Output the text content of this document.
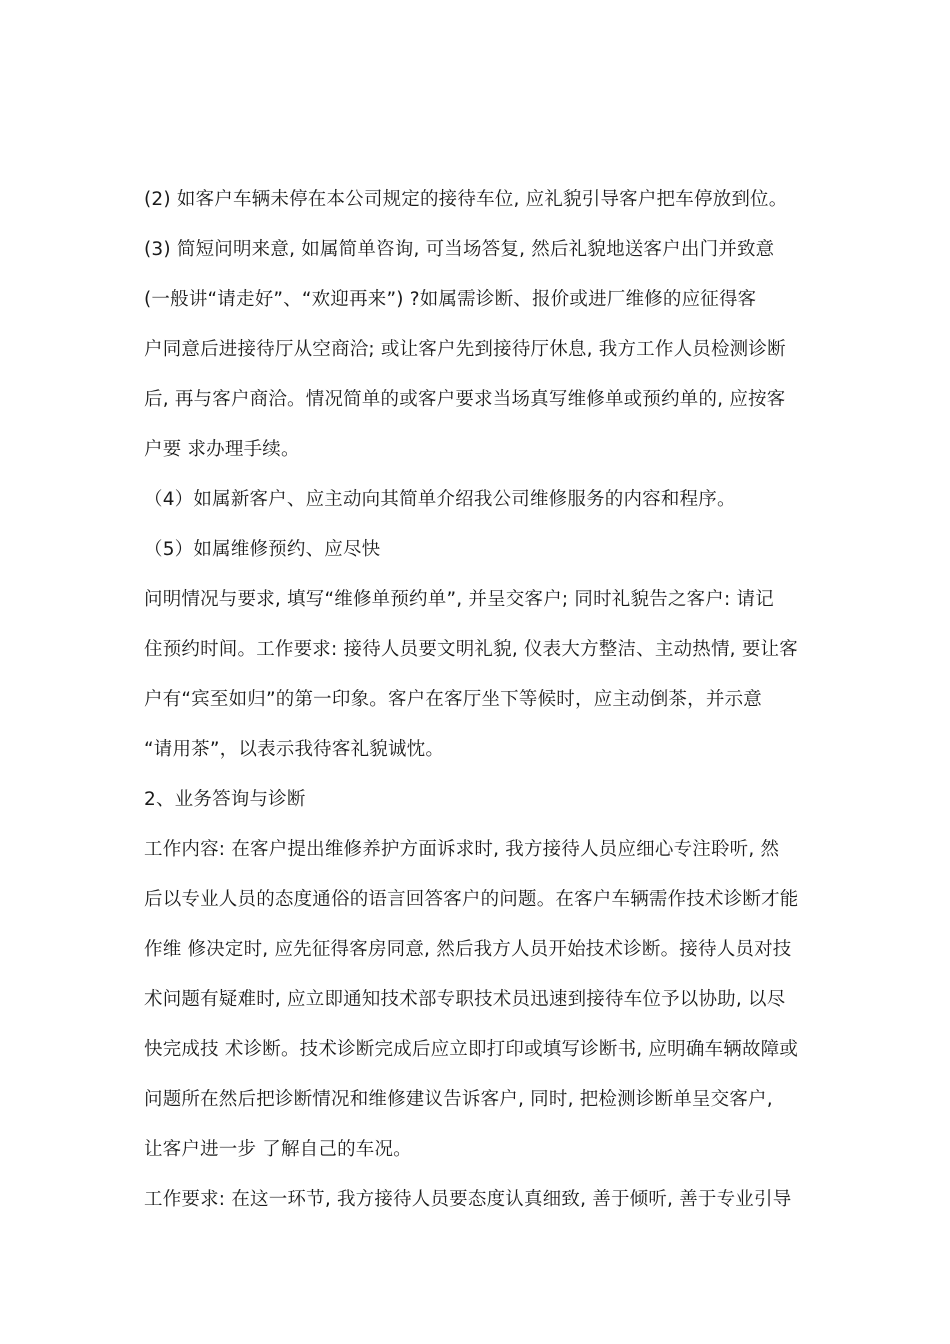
(2) 如客户车辆未停在本公司规定的接待车位, 应礼貌引导客户把车停放到位。
(3) 简短问明来意, 如属简单咨询, 可当场答复, 然后礼貌地送客户出门并致意
(一般讲“请走好”、“欢迎再来”) ?如属需诊断、报价或进厂维修的应征得客
户同意后进接待厅从空商洽; 或让客户先到接待厅休息, 我方工作人员检测诊断
后, 再与客户商洽。情况简单的或客户要求当场真写维修单或预约单的, 应按客
户要 求办理手续。
（4）如属新客户、应主动向其简单介绍我公司维修服务的内容和程序。
（5）如属维修预约、应尽快
问明情况与要求, 填写“维修单预约单”, 并呈交客户; 同时礼貌告之客户: 请记
住预约时间。工作要求: 接待人员要文明礼貌, 仪表大方整洁、主动热情, 要让客
户有“宾至如归”的第一印象。客户在客厅坐下等候时，应主动倒茶，并示意
“请用茶”，以表示我待客礼貌诚忱。
2、业务答询与诊断
工作内容: 在客户提出维修养护方面诉求时, 我方接待人员应细心专注聆听, 然
后以专业人员的态度通俗的语言回答客户的问题。在客户车辆需作技术诊断才能
作维 修决定时, 应先征得客房同意, 然后我方人员开始技术诊断。接待人员对技
术问题有疑难时, 应立即通知技术部专职技术员迅速到接待车位予以协助, 以尽
快完成技 术诊断。技术诊断完成后应立即打印或填写诊断书, 应明确车辆故障或
问题所在然后把诊断情况和维修建议告诉客户, 同时, 把检测诊断单呈交客户,
让客户进一步 了解自己的车况。
工作要求: 在这一环节, 我方接待人员要态度认真细致, 善于倾听, 善于专业引导
